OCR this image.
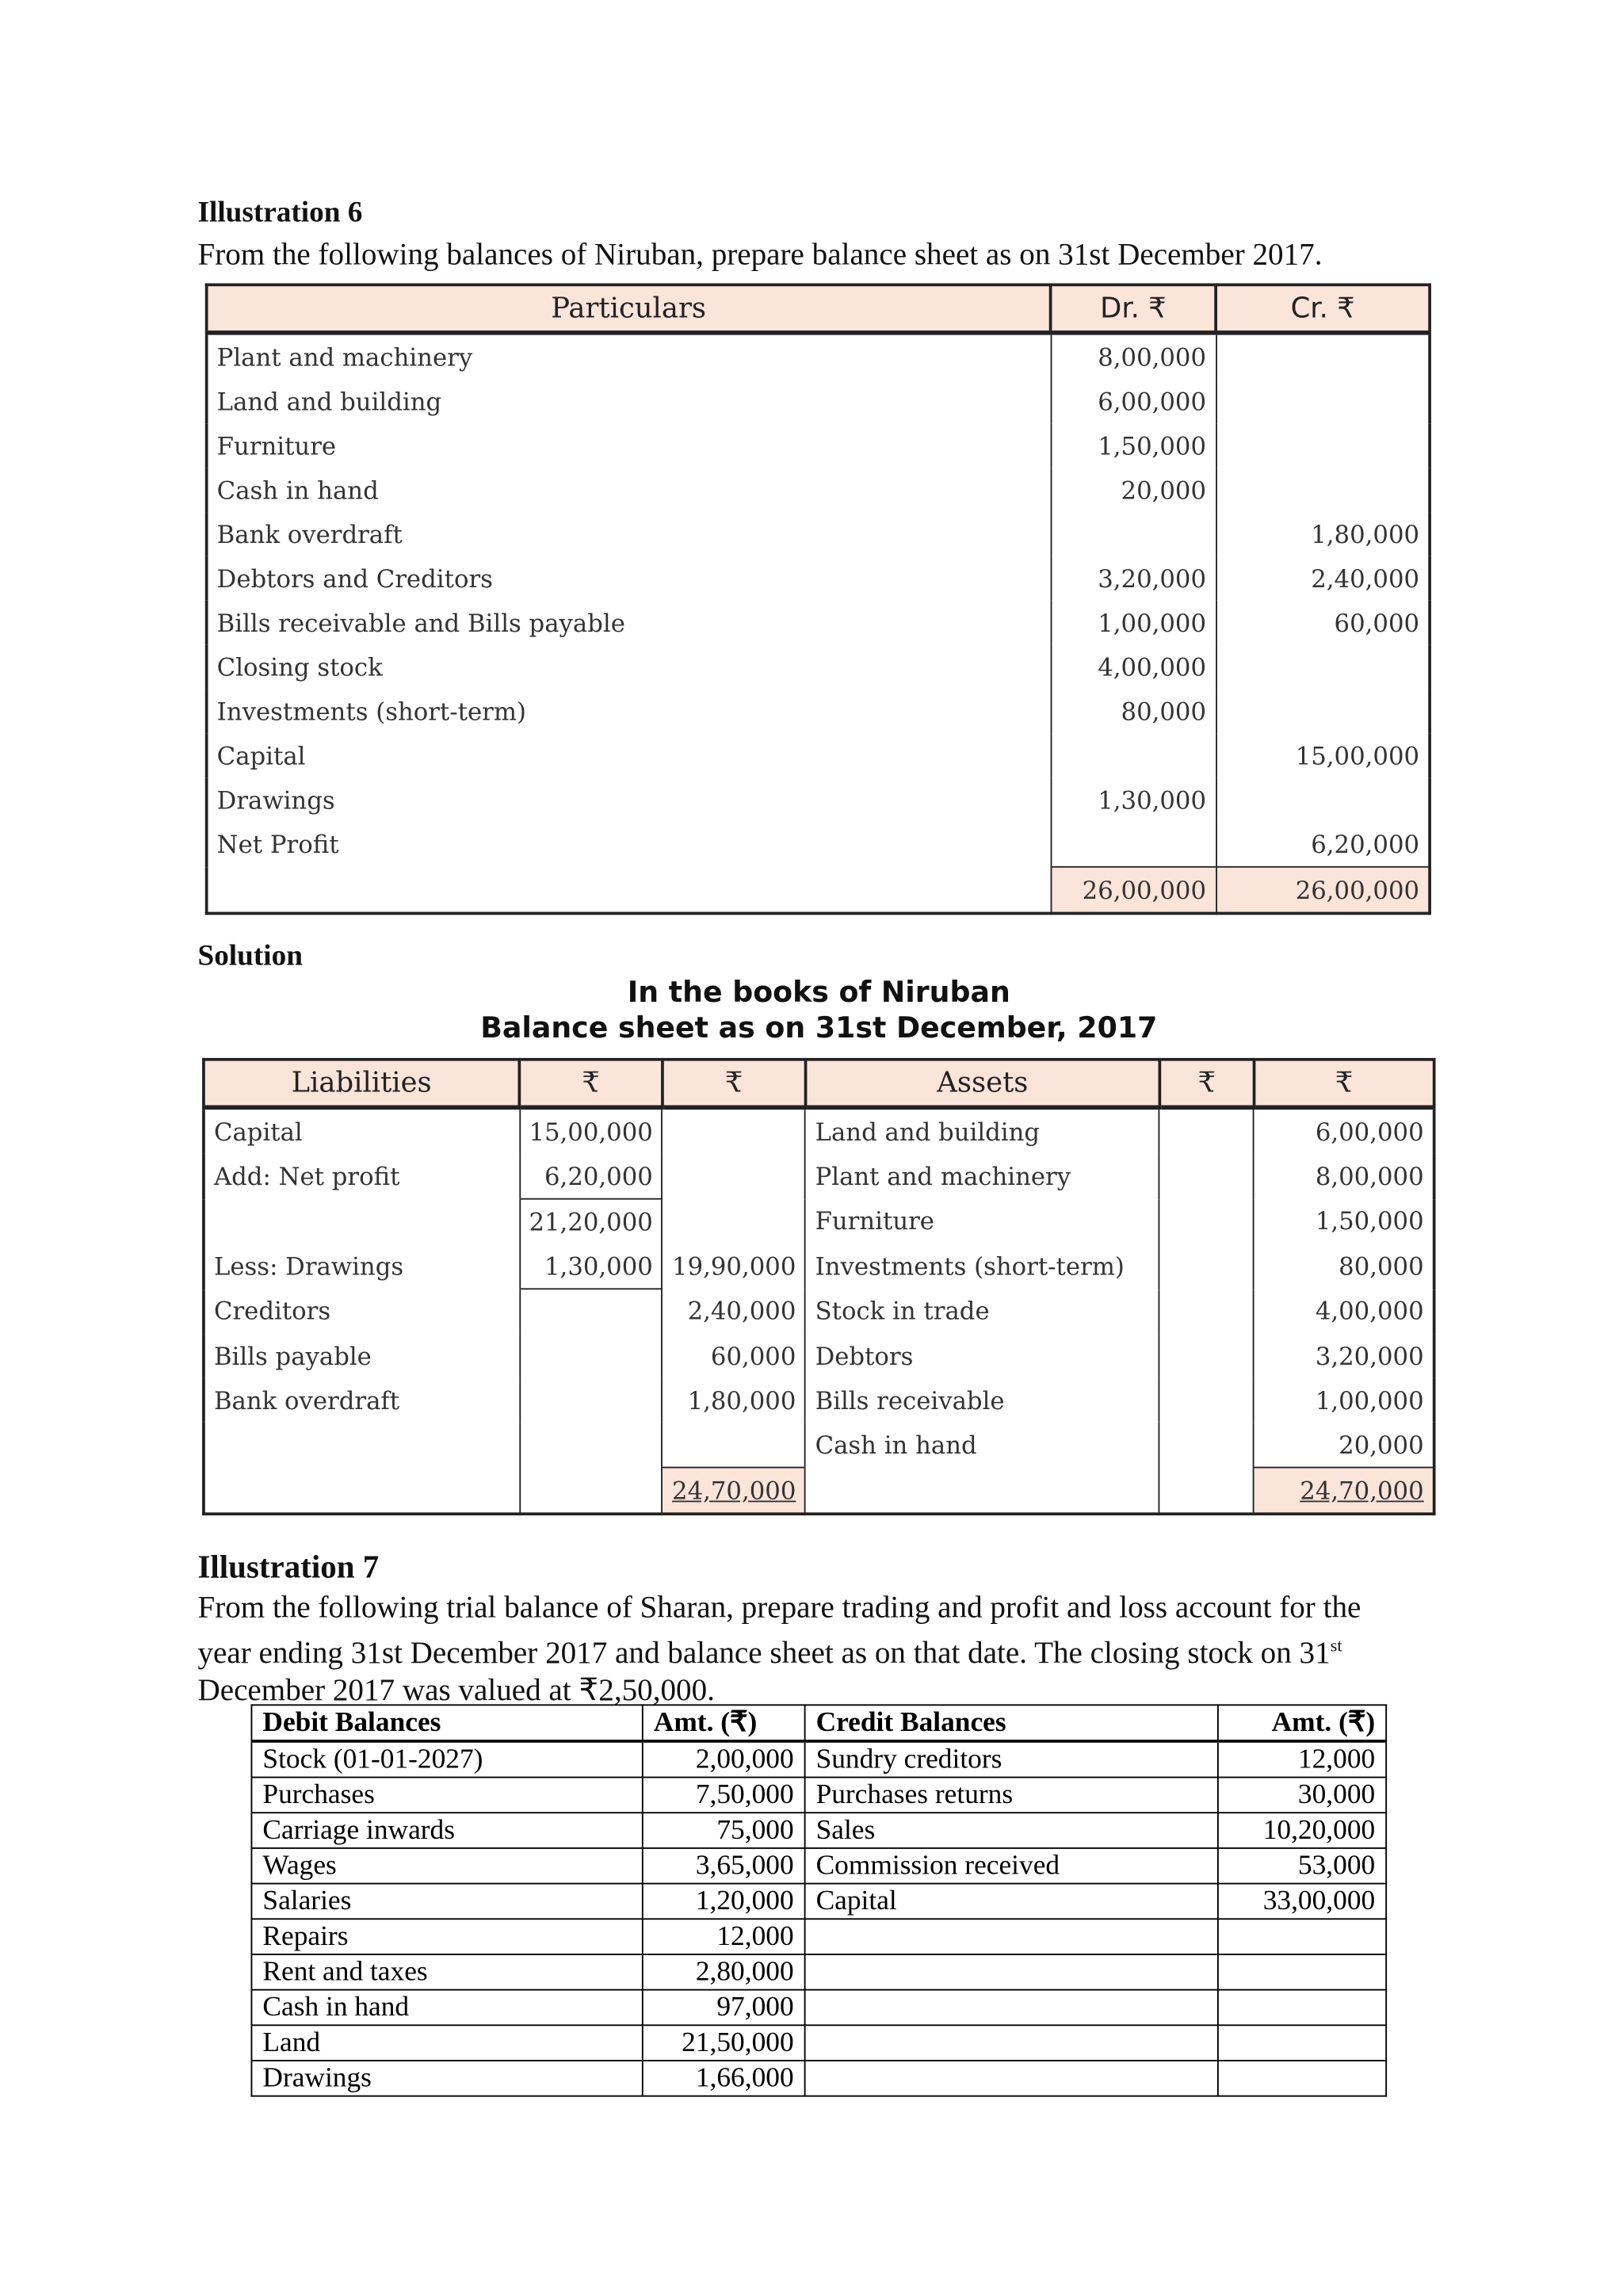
Illustration 6
From the following balances of Niruban, prepare balance sheet as on 31st December 2017.
Particulars	Dr. ₹	Cr. ₹
Plant and machinery	8,00,000	
Land and building	6,00,000	
Furniture	1,50,000	
Cash in hand	20,000	
Bank overdraft		1,80,000
Debtors and Creditors	3,20,000	2,40,000
Bills receivable and Bills payable	1,00,000	60,000
Closing stock	4,00,000	
Investments (short-term)	80,000	
Capital		15,00,000
Drawings	1,30,000	
Net Profit		6,20,000
	26,00,000	26,00,000
Solution
In the books of Niruban
Balance sheet as on 31st December, 2017
Liabilities	₹	₹	Assets	₹	₹
Capital	15,00,000		Land and building		6,00,000
Add: Net profit	6,20,000		Plant and machinery		8,00,000
	21,20,000		Furniture		1,50,000
Less: Drawings	1,30,000	19,90,000	Investments (short-term)		80,000
Creditors		2,40,000	Stock in trade		4,00,000
Bills payable		60,000	Debtors		3,20,000
Bank overdraft		1,80,000	Bills receivable		1,00,000
			Cash in hand		20,000
		24,70,000			24,70,000
Illustration 7
From the following trial balance of Sharan, prepare trading and profit and loss account for the
year ending 31st December 2017 and balance sheet as on that date. The closing stock on 31st
December 2017 was valued at ₹2,50,000.
Debit Balances	Amt. (₹)	Credit Balances	Amt. (₹)
Stock (01-01-2027)	2,00,000	Sundry creditors	12,000
Purchases	7,50,000	Purchases returns	30,000
Carriage inwards	75,000	Sales	10,20,000
Wages	3,65,000	Commission received	53,000
Salaries	1,20,000	Capital	33,00,000
Repairs	12,000		
Rent and taxes	2,80,000		
Cash in hand	97,000		
Land	21,50,000		
Drawings	1,66,000		
